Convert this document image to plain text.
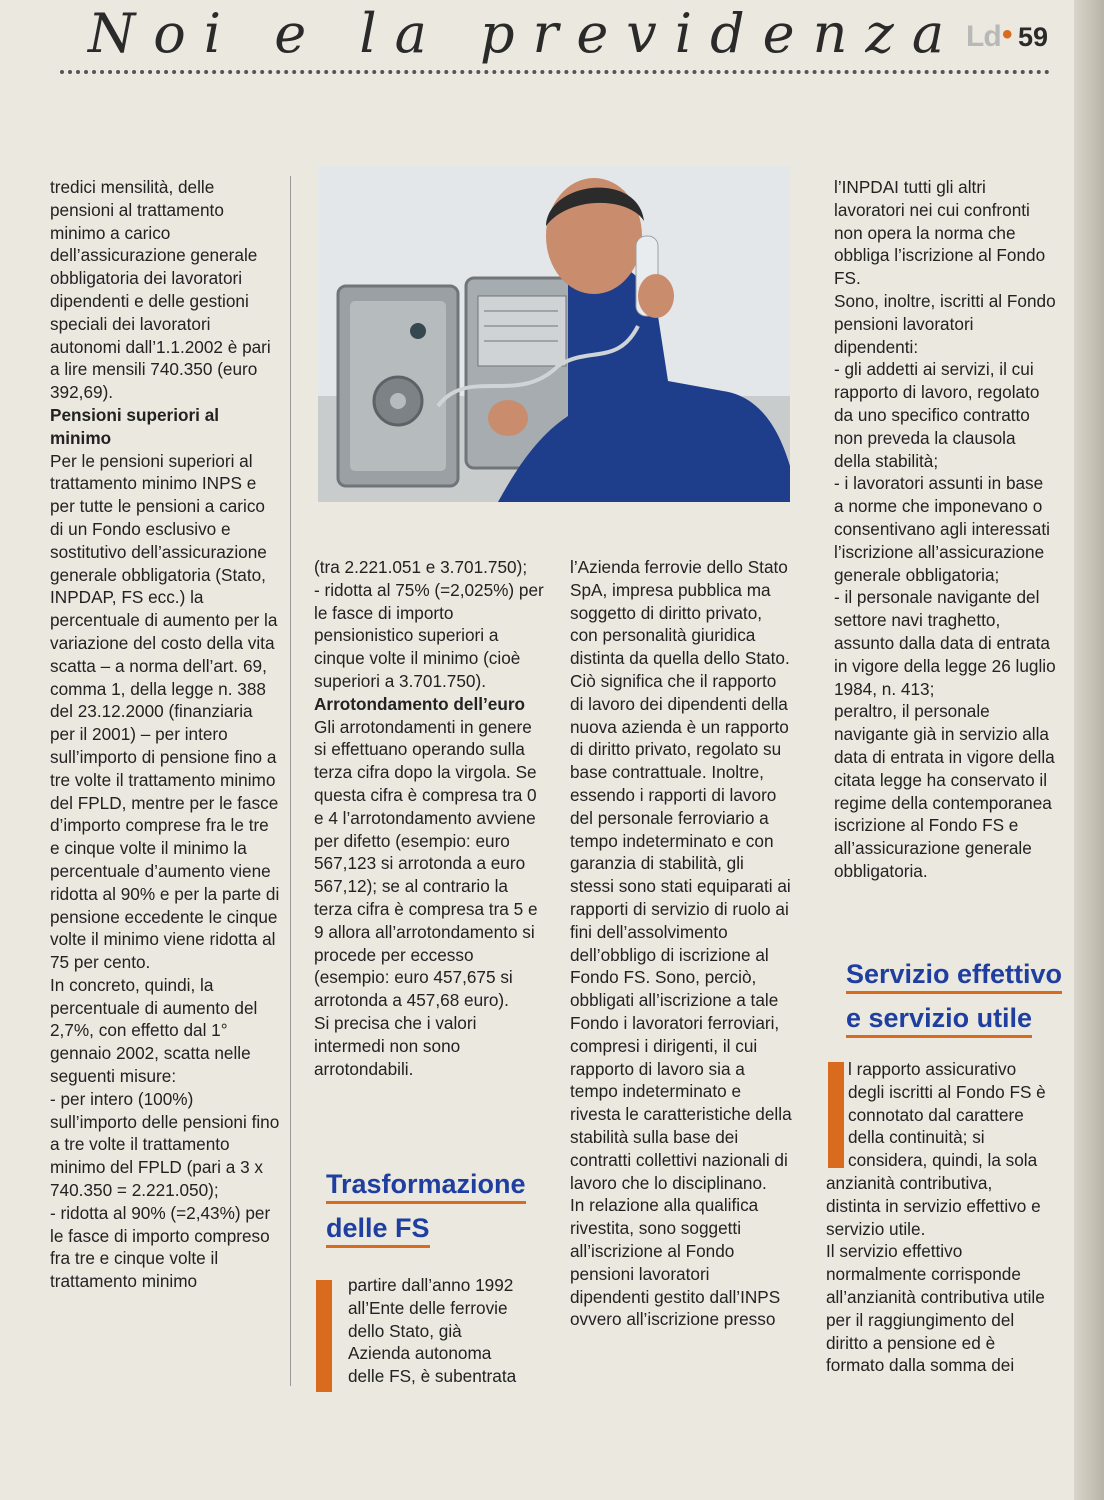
Noi e la previdenza Ld • 59

tredici mensilità, delle pensioni al trattamento minimo a carico dell’assicurazione generale obbligatoria dei lavoratori dipendenti e delle gestioni speciali dei lavoratori autonomi dall’1.1.2002 è pari a lire mensili 740.350 (euro 392,69).

Pensioni superiori al minimo

Per le pensioni superiori al trattamento minimo INPS e per tutte le pensioni a carico di un Fondo esclusivo e sostitutivo dell’assicurazione generale obbligatoria (Stato, INPDAP, FS ecc.) la percentuale di aumento per la variazione del costo della vita scatta – a norma dell’art. 69, comma 1, della legge n. 388 del 23.12.2000 (finanziaria per il 2001) – per intero sull’importo di pensione fino a tre volte il trattamento minimo del FPLD, mentre per le fasce d’importo comprese fra le tre e cinque volte il minimo la percentuale d’aumento viene ridotta al 90% e per la parte di pensione eccedente le cinque volte il minimo viene ridotta al 75 per cento.

In concreto, quindi, la percentuale di aumento del 2,7%, con effetto dal 1° gennaio 2002, scatta nelle seguenti misure:

- per intero (100%) sull’importo delle pensioni fino a tre volte il trattamento minimo del FPLD (pari a 3 x 740.350 = 2.221.050);

- ridotta al 90% (=2,43%) per le fasce di importo compreso fra tre e cinque volte il trattamento minimo

(tra 2.221.051 e 3.701.750);

- ridotta al 75% (=2,025%) per le fasce di importo pensionistico superiori a cinque volte il minimo (cioè superiori a 3.701.750).

Arrotondamento dell’euro

Gli arrotondamenti in genere si effettuano operando sulla terza cifra dopo la virgola. Se questa cifra è compresa tra 0 e 4 l’arrotondamento avviene per difetto (esempio: euro 567,123 si arrotonda a euro 567,12); se al contrario la terza cifra è compresa tra 5 e 9 allora all’arrotondamento si procede per eccesso (esempio: euro 457,675 si arrotonda a 457,68 euro).

Si precisa che i valori intermedi non sono arrotondabili.

Trasformazione
delle FS
partire dall’anno 1992 all’Ente delle ferrovie dello Stato, già Azienda autonoma delle FS, è subentrata

l’Azienda ferrovie dello Stato SpA, impresa pubblica ma soggetto di diritto privato, con personalità giuridica distinta da quella dello Stato. Ciò significa che il rapporto di lavoro dei dipendenti della nuova azienda è un rapporto di diritto privato, regolato su base contrattuale. Inoltre, essendo i rapporti di lavoro del personale ferroviario a tempo indeterminato e con garanzia di stabilità, gli stessi sono stati equiparati ai rapporti di servizio di ruolo ai fini dell’assolvimento dell’obbligo di iscrizione al Fondo FS. Sono, perciò, obbligati all’iscrizione a tale Fondo i lavoratori ferroviari, compresi i dirigenti, il cui rapporto di lavoro sia a tempo indeterminato e rivesta le caratteristiche della stabilità sulla base dei contratti collettivi nazionali di lavoro che lo disciplinano.

In relazione alla qualifica rivestita, sono soggetti all’iscrizione al Fondo pensioni lavoratori dipendenti gestito dall’INPS ovvero all’iscrizione presso

l’INPDAI tutti gli altri lavoratori nei cui confronti non opera la norma che obbliga l’iscrizione al Fondo FS.

Sono, inoltre, iscritti al Fondo pensioni lavoratori dipendenti:

- gli addetti ai servizi, il cui rapporto di lavoro, regolato da uno specifico contratto non preveda la clausola della stabilità;

- i lavoratori assunti in base a norme che imponevano o consentivano agli interessati l’iscrizione all’assicurazione generale obbligatoria;

- il personale navigante del settore navi traghetto, assunto dalla data di entrata in vigore della legge 26 luglio 1984, n. 413;

peraltro, il personale navigante già in servizio alla data di entrata in vigore della citata legge ha conservato il regime della contemporanea iscrizione al Fondo FS e all’assicurazione generale obbligatoria.

Servizio effettivo
e servizio utile
l rapporto assicurativo degli iscritti al Fondo FS è connotato dal carattere della continuità; si considera, quindi, la sola

anzianità contributiva, distinta in servizio effettivo e servizio utile.

Il servizio effettivo normalmente corrisponde all’anzianità contributiva utile per il raggiungimento del diritto a pensione ed è formato dalla somma dei
